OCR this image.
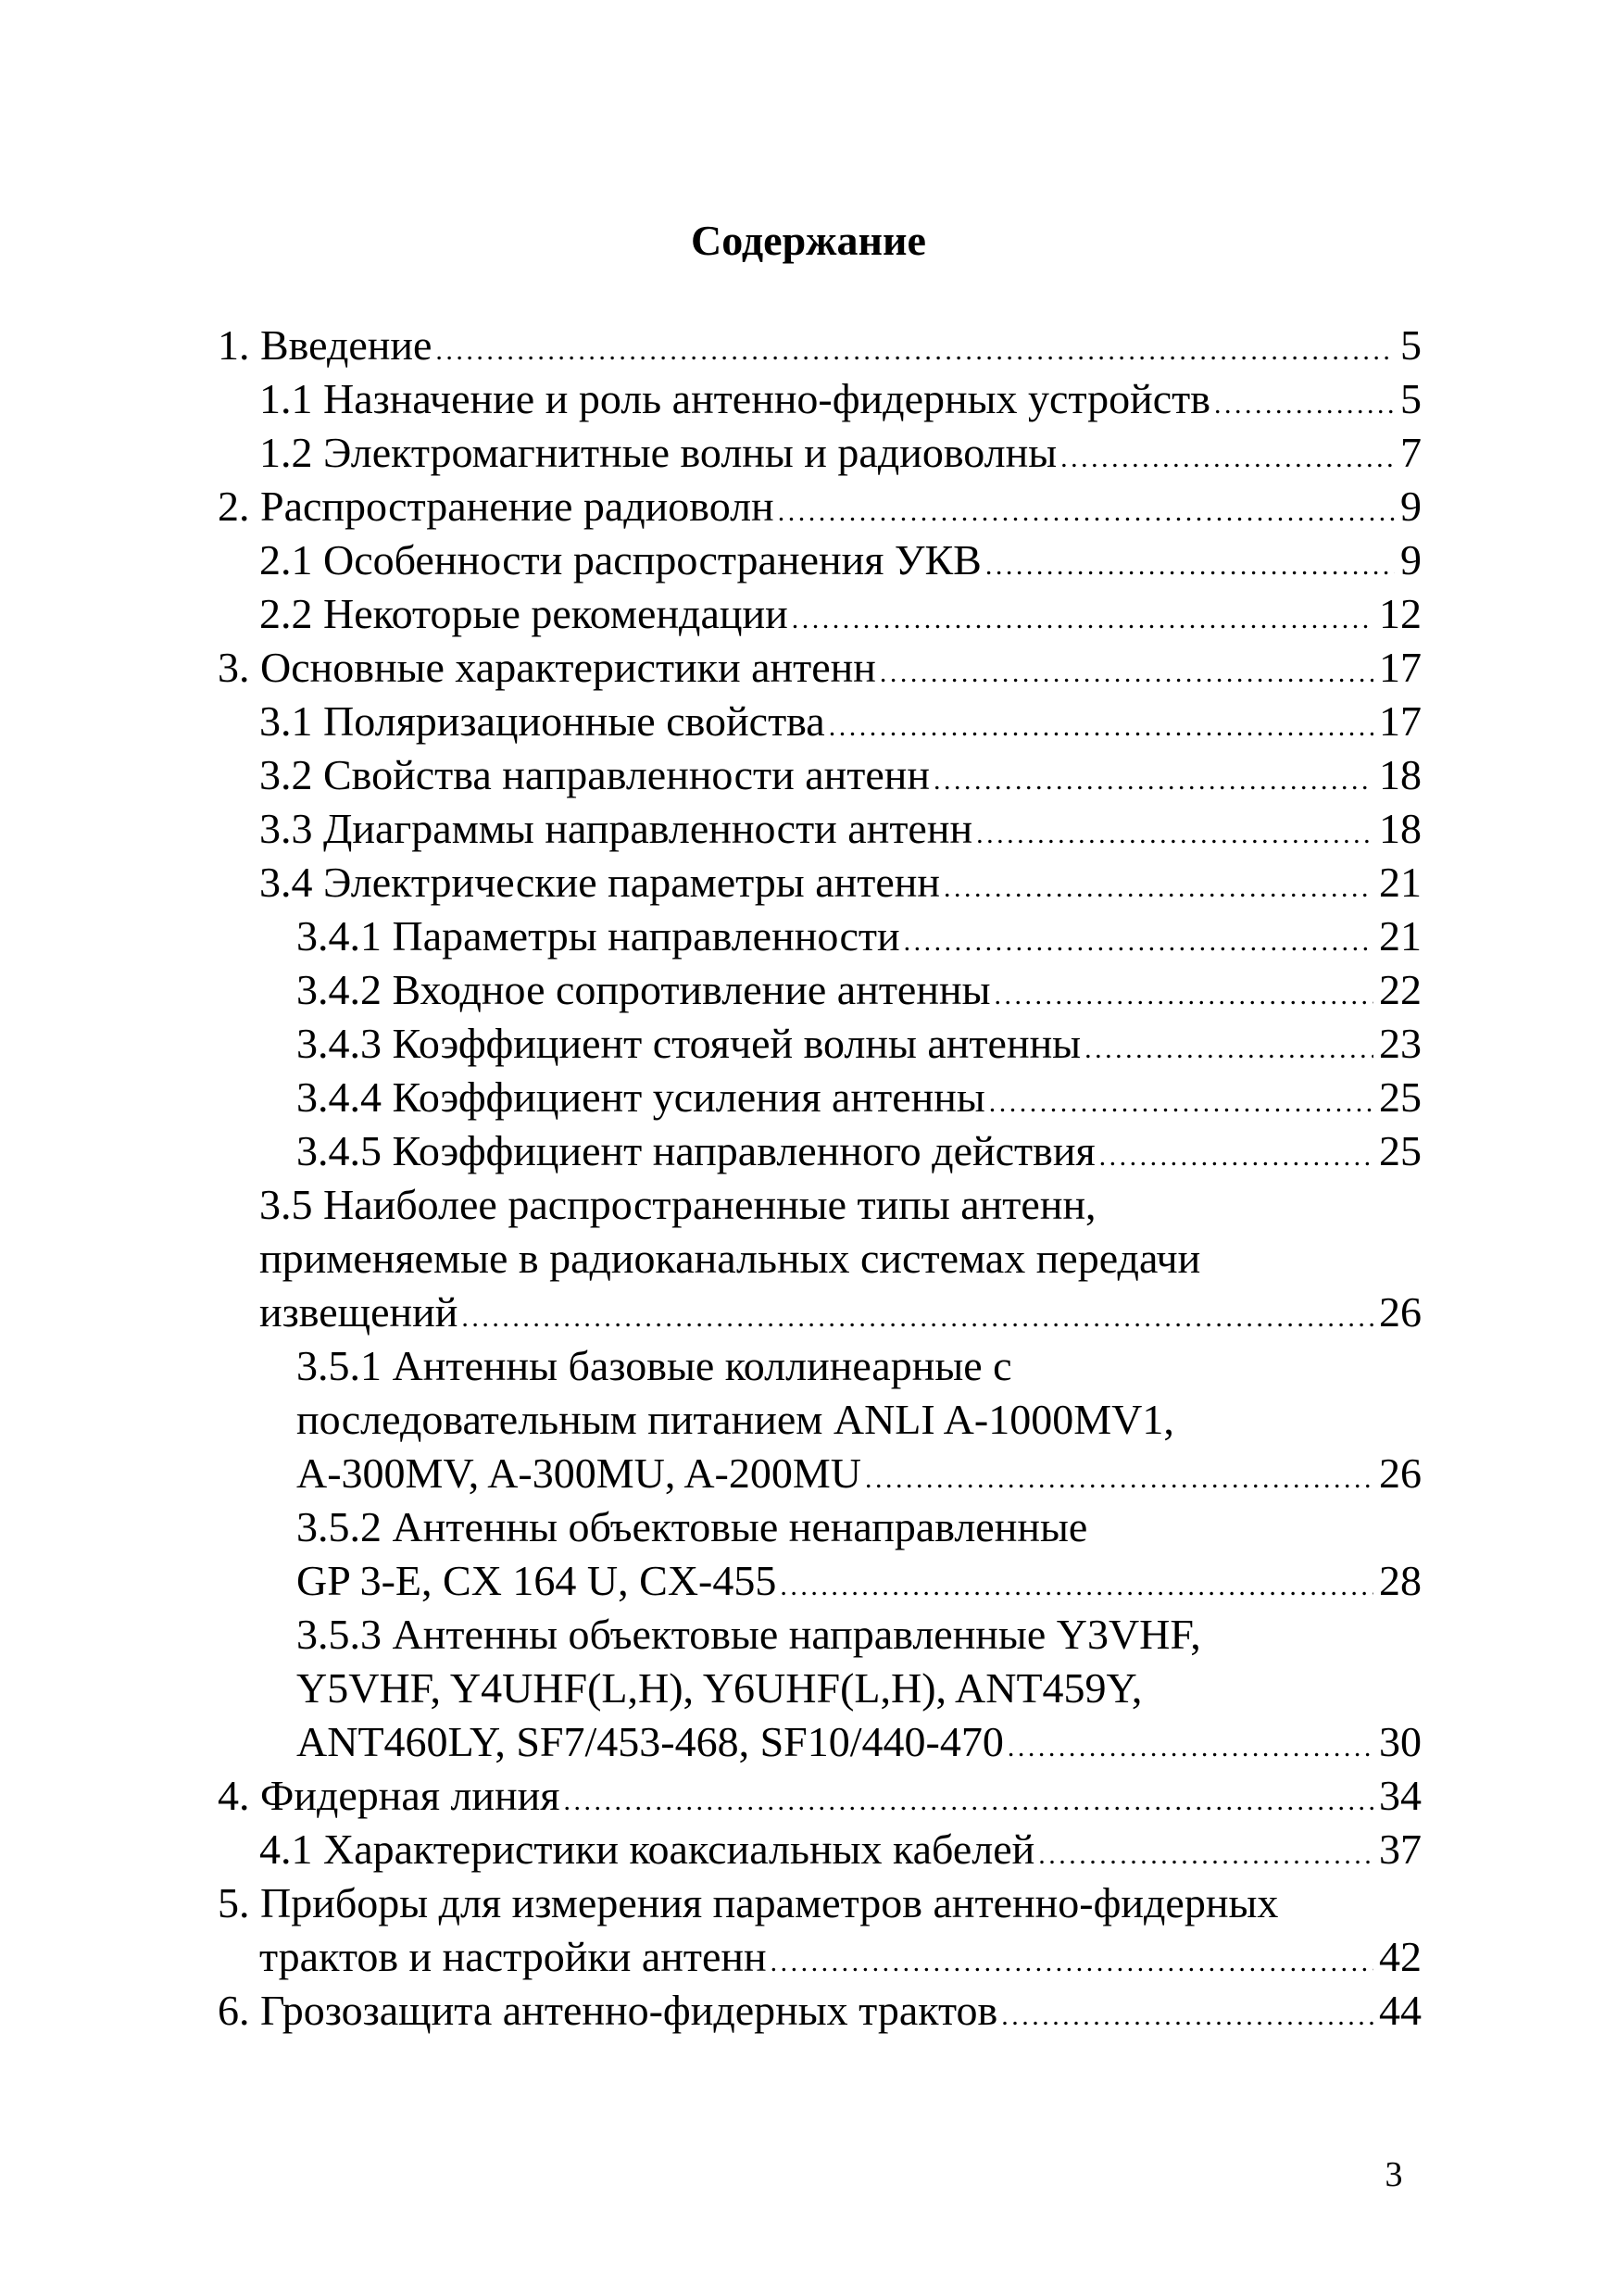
Содержание
1. Введение . . .	5
1.1 Назначение и роль антенно-фидерных устройств . . .	5
1.2 Электромагнитные волны и радиоволны . . .	7
2. Распространение радиоволн . . .	9
2.1 Особенности распространения УКВ . . .	9
2.2 Некоторые рекомендации . . .	12
3. Основные характеристики антенн . . .	17
3.1 Поляризационные свойства . . .	17
3.2 Свойства направленности антенн . . .	18
3.3 Диаграммы направленности антенн . . .	18
3.4 Электрические параметры антенн . . .	21
3.4.1 Параметры направленности . . .	21
3.4.2 Входное сопротивление антенны . . .	22
3.4.3 Коэффициент стоячей волны антенны . . .	23
3.4.4 Коэффициент усиления антенны . . .	25
3.4.5 Коэффициент направленного действия . . .	25
3.5 Наиболее распространенные типы антенн,
применяемые в радиоканальных системах передачи
извещений . . .	26
3.5.1 Антенны базовые коллинеарные с
последовательным питанием ANLI A-1000MV1,
A-300MV, A-300MU, A-200MU . . .	26
3.5.2 Антенны объектовые ненаправленные
GP 3-E, CX 164 U, CX-455 . . .	28
3.5.3 Антенны объектовые направленные Y3VHF,
Y5VHF, Y4UHF(L,H), Y6UHF(L,H), ANT459Y,
ANT460LY, SF7/453-468, SF10/440-470 . . .	30
4. Фидерная линия . . .	34
4.1 Характеристики коаксиальных кабелей . . .	37
5. Приборы для измерения параметров антенно-фидерных
трактов и настройки антенн . . .	42
6. Грозозащита антенно-фидерных трактов . . .	44
3
